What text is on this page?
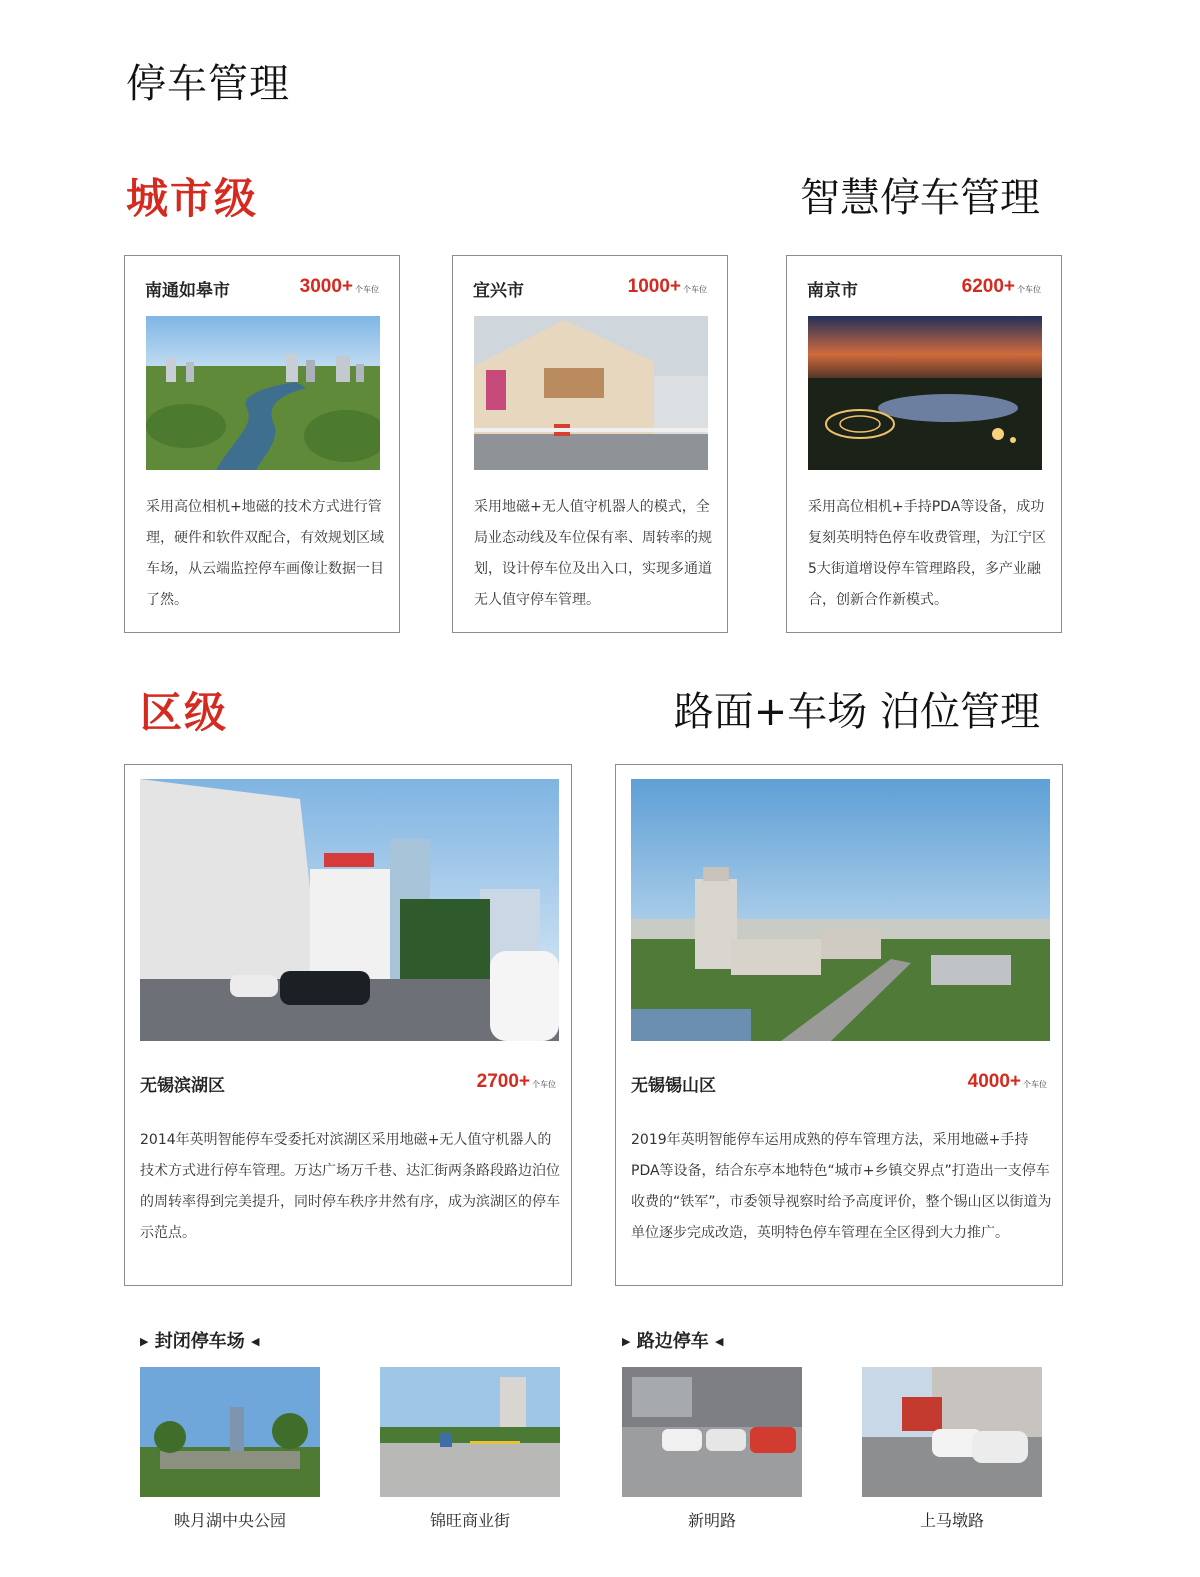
停车管理
城市级	智慧停车管理
南通如皋市	3000+ 个车位
采用高位相机+地磁的技术方式进行管理，硬件和软件双配合，有效规划区域车场，从云端监控停车画像让数据一目了然。
宜兴市	1000+ 个车位
采用地磁+无人值守机器人的模式，全局业态动线及车位保有率、周转率的规划，设计停车位及出入口，实现多通道无人值守停车管理。
南京市	6200+ 个车位
采用高位相机+手持PDA等设备，成功复刻英明特色停车收费管理，为江宁区5大街道增设停车管理路段，多产业融合，创新合作新模式。
区级	路面+车场 泊位管理
无锡滨湖区	2700+ 个车位
2014年英明智能停车受委托对滨湖区采用地磁+无人值守机器人的技术方式进行停车管理。万达广场万千巷、达汇街两条路段路边泊位的周转率得到完美提升，同时停车秩序井然有序，成为滨湖区的停车示范点。
无锡锡山区	4000+ 个车位
2019年英明智能停车运用成熟的停车管理方法，采用地磁+手持PDA等设备，结合东亭本地特色“城市+乡镇交界点”打造出一支停车收费的“铁军”，市委领导视察时给予高度评价，整个锡山区以街道为单位逐步完成改造，英明特色停车管理在全区得到大力推广。
▶ 封闭停车场 ◀	▶ 路边停车 ◀
映月湖中央公园	锦旺商业街	新明路	上马墩路
